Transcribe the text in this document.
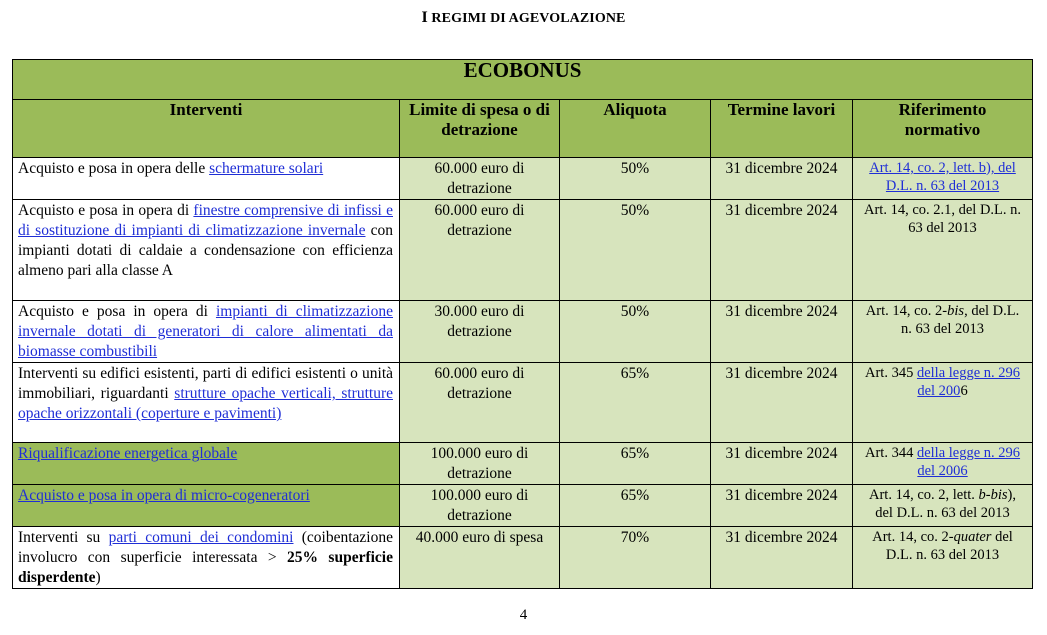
I REGIMI DI AGEVOLAZIONE
ECOBONUS				
Interventi	Limite di spesa o di detrazione	Aliquota	Termine lavori	Riferimento normativo
Acquisto e posa in opera delle schermature solari	60.000 euro di detrazione	50%	31 dicembre 2024	Art. 14, co. 2, lett. b), del D.L. n. 63 del 2013
Acquisto e posa in opera di finestre comprensive di infissi e di sostituzione di impianti di climatizzazione invernale con impianti dotati di caldaie a condensazione con efficienza almeno pari alla classe A	60.000 euro di detrazione	50%	31 dicembre 2024	Art. 14, co. 2.1, del D.L. n. 63 del 2013
Acquisto e posa in opera di impianti di climatizzazione invernale dotati di generatori di calore alimentati da biomasse combustibili	30.000 euro di detrazione	50%	31 dicembre 2024	Art. 14, co. 2-bis, del D.L. n. 63 del 2013
Interventi su edifici esistenti, parti di edifici esistenti o unità immobiliari, riguardanti strutture opache verticali, strutture opache orizzontali (coperture e pavimenti)	60.000 euro di detrazione	65%	31 dicembre 2024	Art. 345 della legge n. 296 del 2006
Riqualificazione energetica globale	100.000 euro di detrazione	65%	31 dicembre 2024	Art. 344 della legge n. 296 del 2006
Acquisto e posa in opera di micro-cogeneratori	100.000 euro di detrazione	65%	31 dicembre 2024	Art. 14, co. 2, lett. b-bis), del D.L. n. 63 del 2013
Interventi su parti comuni dei condomini (coibentazione involucro con superficie interessata > 25% superficie disperdente)	40.000 euro di spesa	70%	31 dicembre 2024	Art. 14, co. 2-quater del D.L. n. 63 del 2013
4
